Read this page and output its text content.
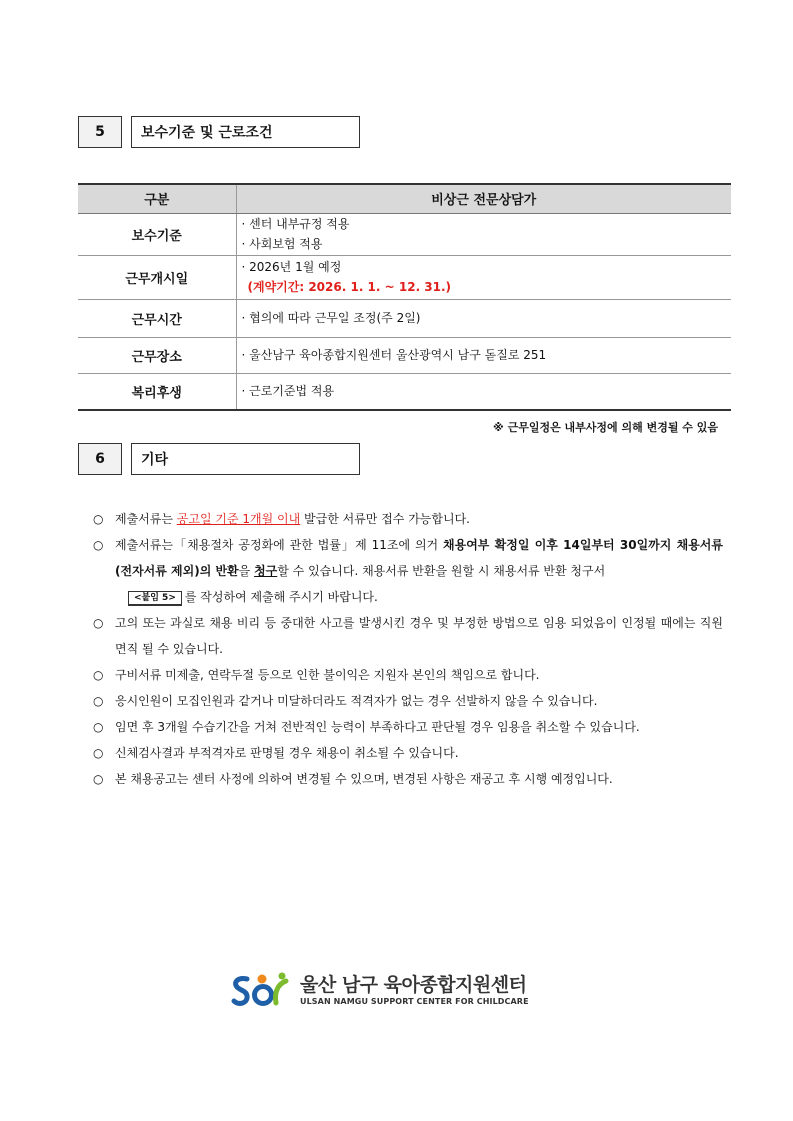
5	보수기준 및 근로조건
구분	비상근 전문상담가
보수기준	· 센터 내부규정 적용
· 사회보험 적용

근무개시일	· 2026년 1월 예정
(계약기간: 2026. 1. 1. ~ 12. 31.)

근무시간	· 협의에 따라 근무일 조정(주 2일)

근무장소	· 울산남구 육아종합지원센터 울산광역시 남구 돋질로 251

복리후생	· 근로기준법 적용
※ 근무일정은 내부사정에 의해 변경될 수 있음
6	기타
○ 제출서류는 공고일 기준 1개월 이내 발급한 서류만 접수 가능합니다.
○ 제출서류는「채용절차 공정화에 관한 법률」제 11조에 의거 채용여부 확정일 이후 14일부터 30일까지 채용서류(전자서류 제외)의 반환을 청구할 수 있습니다. 채용서류 반환을 원할 시 채용서류 반환 청구서
<붙임 5> 를 작성하여 제출해 주시기 바랍니다.
○ 고의 또는 과실로 채용 비리 등 중대한 사고를 발생시킨 경우 및 부정한 방법으로 임용 되었음이 인정될 때에는 직원면직 될 수 있습니다.
○ 구비서류 미제출, 연락두절 등으로 인한 불이익은 지원자 본인의 책임으로 합니다.
○ 응시인원이 모집인원과 같거나 미달하더라도 적격자가 없는 경우 선발하지 않을 수 있습니다.
○ 임면 후 3개월 수습기간을 거쳐 전반적인 능력이 부족하다고 판단될 경우 임용을 취소할 수 있습니다.
○ 신체검사결과 부적격자로 판명될 경우 채용이 취소될 수 있습니다.
○ 본 채용공고는 센터 사정에 의하여 변경될 수 있으며, 변경된 사항은 재공고 후 시행 예정입니다.
울산 남구 육아종합지원센터
ULSAN NAMGU SUPPORT CENTER FOR CHILDCARE
